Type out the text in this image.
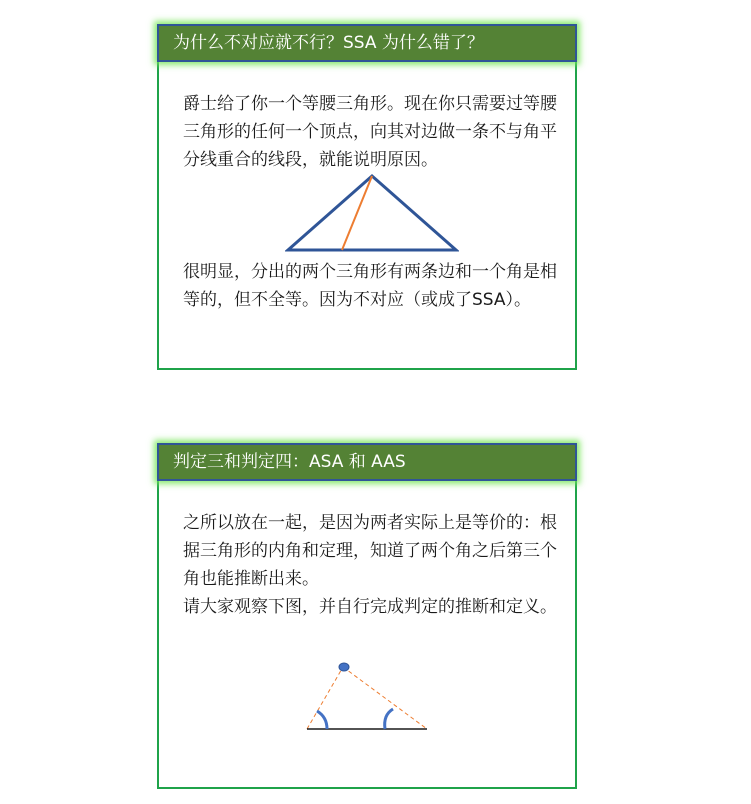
为什么不对应就不行？SSA 为什么错了？

爵士给了你一个等腰三角形。现在你只需要过等腰三角形的任何一个顶点，向其对边做一条不与角平分线重合的线段，就能说明原因。

很明显，分出的两个三角形有两条边和一个角是相等的，但不全等。因为不对应（或成了SSA）。

判定三和判定四：ASA 和 AAS

之所以放在一起，是因为两者实际上是等价的：根据三角形的内角和定理，知道了两个角之后第三个角也能推断出来。

请大家观察下图，并自行完成判定的推断和定义。
